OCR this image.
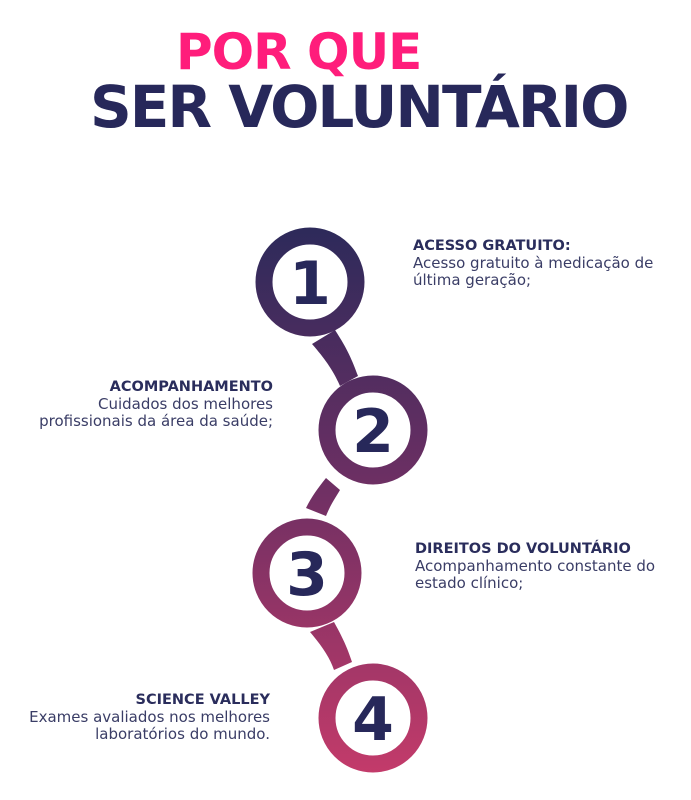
POR QUE
SER VOLUNTÁRIO
1
2
3
4
ACESSO GRATUITO:
Acesso gratuito à medicação de última geração;
ACOMPANHAMENTO
Cuidados dos melhores profissionais da área da saúde;
DIREITOS DO VOLUNTÁRIO
Acompanhamento constante do estado clínico;
SCIENCE VALLEY
Exames avaliados nos melhores laboratórios do mundo.
